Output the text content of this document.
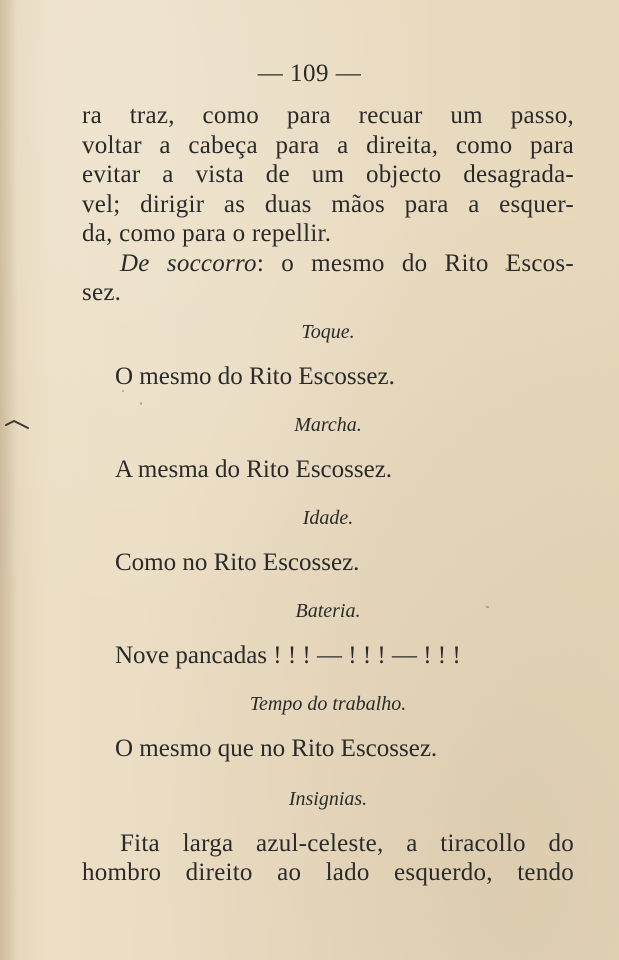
— 109 —
ra traz, como para recuar um passo,
voltar a cabeça para a direita, como para
evitar a vista de um objecto desagrada-
vel; dirigir as duas mãos para a esquer-
da, como para o repellir.
De soccorro: o mesmo do Rito Escos-
sez.
Toque.
O mesmo do Rito Escossez.
Marcha.
A mesma do Rito Escossez.
Idade.
Como no Rito Escossez.
Bateria.
Nove pancadas ! ! ! — ! ! ! — ! ! !
Tempo do trabalho.
O mesmo que no Rito Escossez.
Insignias.
Fita larga azul-celeste, a tiracollo do
hombro direito ao lado esquerdo, tendo
